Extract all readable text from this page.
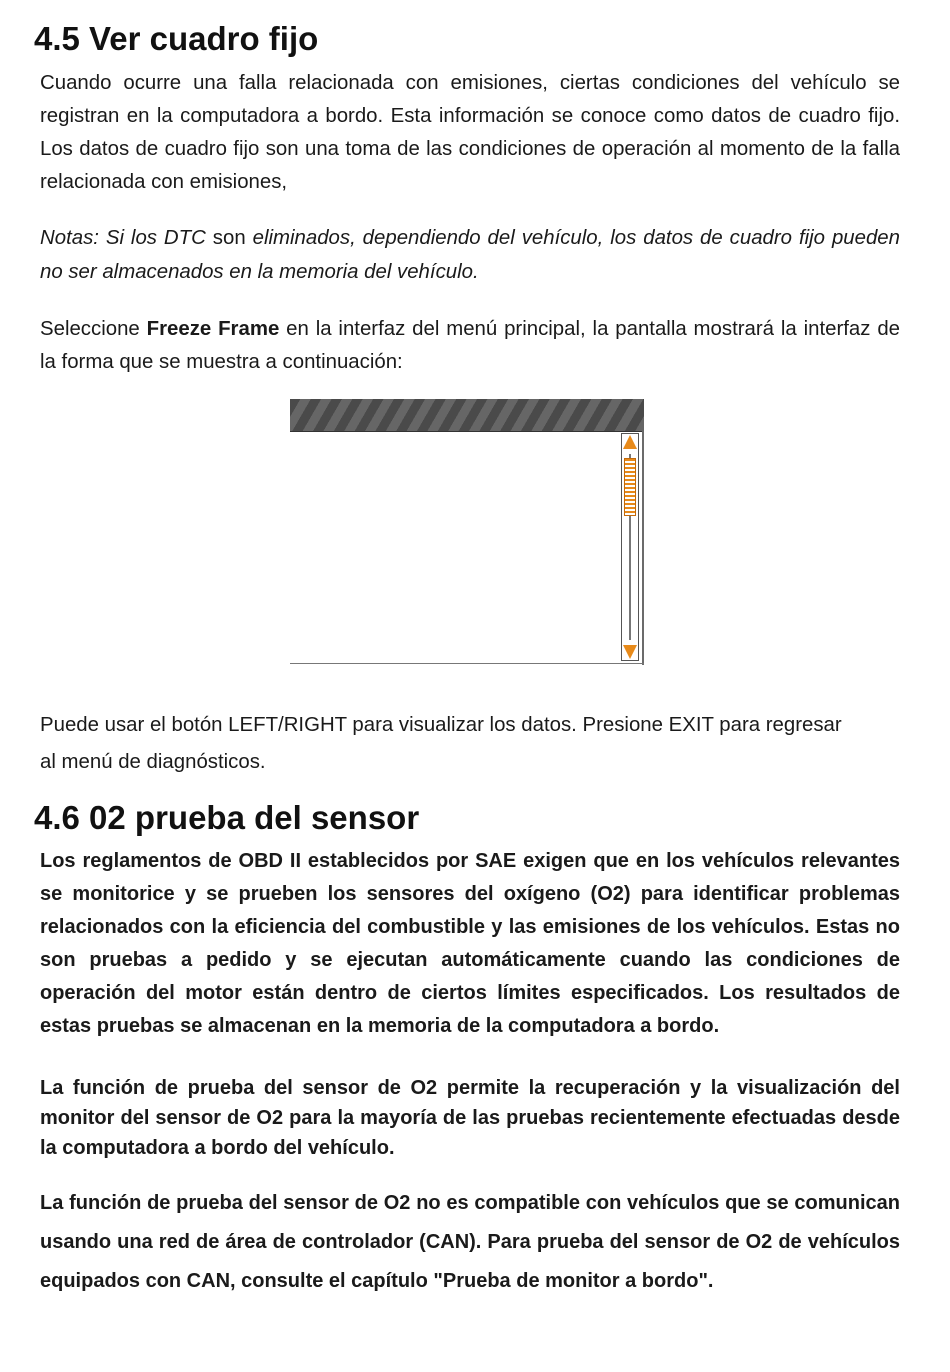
4.5 Ver cuadro fijo

Cuando ocurre una falla relacionada con emisiones, ciertas condiciones del vehículo se registran en la computadora a bordo. Esta información se conoce como datos de cuadro fijo. Los datos de cuadro fijo son una toma de las condiciones de operación al momento de la falla relacionada con emisiones,

Notas: Si los DTC son eliminados, dependiendo del vehículo, los datos de cuadro fijo pueden no ser almacenados en la memoria del vehículo.

Seleccione Freeze Frame en la interfaz del menú principal, la pantalla mostrará la interfaz de la forma que se muestra a continuación:

Puede usar el botón LEFT/RIGHT para visualizar los datos. Presione EXIT para regresar al menú de diagnósticos.

4.6 02 prueba del sensor

Los reglamentos de OBD II establecidos por SAE exigen que en los vehículos relevantes se monitorice y se prueben los sensores del oxígeno (O2) para identificar problemas relacionados con la eficiencia del combustible y las emisiones de los vehículos. Estas no son pruebas a pedido y se ejecutan automáticamente cuando las condiciones de operación del motor están dentro de ciertos límites especificados. Los resultados de estas pruebas se almacenan en la memoria de la computadora a bordo.

La función de prueba del sensor de O2 permite la recuperación y la visualización del monitor del sensor de O2 para la mayoría de las pruebas recientemente efectuadas desde la computadora a bordo del vehículo.

La función de prueba del sensor de O2 no es compatible con vehículos que se comunican usando una red de área de controlador (CAN). Para prueba del sensor de O2 de vehículos equipados con CAN, consulte el capítulo "Prueba de monitor a bordo".
